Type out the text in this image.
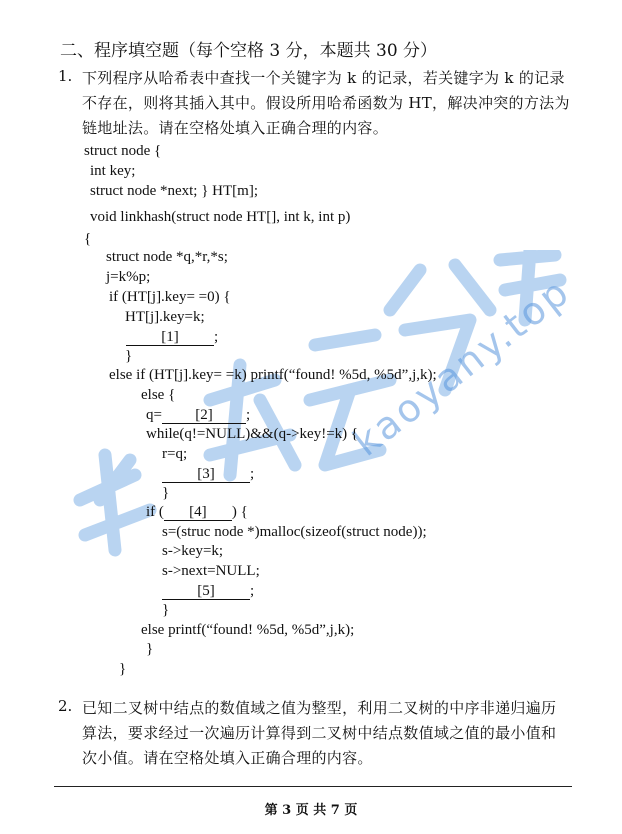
kaoyany.top
二、程序填空题（每个空格 3 分，本题共 30 分）
1. 下列程序从哈希表中查找一个关键字为 k 的记录，若关键字为 k 的记录
不存在，则将其插入其中。假设所用哈希函数为 HT，解决冲突的方法为
链地址法。请在空格处填入正确合理的内容。
struct node {
int key;
struct node *next; } HT[m];
void linkhash(struct node HT[], int k, int p)
{
struct node *q,*r,*s;
j=k%p;
if (HT[j].key= =0) {
HT[j].key=k;
[1] ;
}
else if (HT[j].key= =k) printf(“found! %5d, %5d”,j,k);
else {
q= [2] ;
while(q!=NULL)&&(q->key!=k) {
r=q;
[3] ;
}
if ( [4] ) {
s=(struc node *)malloc(sizeof(struct node));
s->key=k;
s->next=NULL;
[5] ;
}
else printf(“found! %5d, %5d”,j,k);
}
}
2. 已知二叉树中结点的数值域之值为整型，利用二叉树的中序非递归遍历
算法，要求经过一次遍历计算得到二叉树中结点数值域之值的最小值和
次小值。请在空格处填入正确合理的内容。
第 3 页 共 7 页
